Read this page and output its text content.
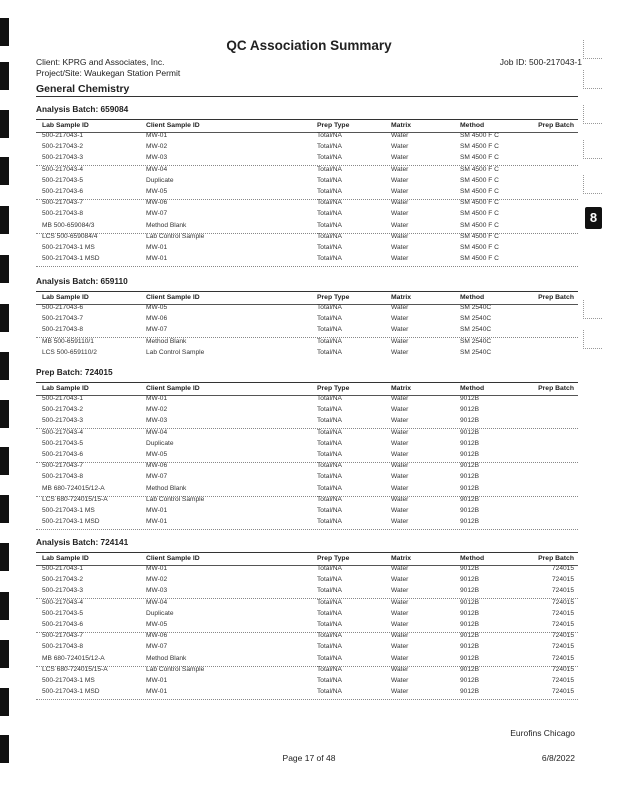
8
QC Association Summary
Client: KPRG and Associates, Inc.	Job ID: 500-217043-1
Project/Site: Waukegan Station Permit
General Chemistry
Analysis Batch: 659084
Lab Sample ID	Client Sample ID	Prep Type	Matrix	Method	Prep Batch
500-217043-1	MW-01	Total/NA	Water	SM 4500 F C
500-217043-2	MW-02	Total/NA	Water	SM 4500 F C
500-217043-3	MW-03	Total/NA	Water	SM 4500 F C
500-217043-4	MW-04	Total/NA	Water	SM 4500 F C
500-217043-5	Duplicate	Total/NA	Water	SM 4500 F C
500-217043-6	MW-05	Total/NA	Water	SM 4500 F C
500-217043-7	MW-06	Total/NA	Water	SM 4500 F C
500-217043-8	MW-07	Total/NA	Water	SM 4500 F C
MB 500-659084/3	Method Blank	Total/NA	Water	SM 4500 F C
LCS 500-659084/4	Lab Control Sample	Total/NA	Water	SM 4500 F C
500-217043-1 MS	MW-01	Total/NA	Water	SM 4500 F C
500-217043-1 MSD	MW-01	Total/NA	Water	SM 4500 F C
Analysis Batch: 659110
Lab Sample ID	Client Sample ID	Prep Type	Matrix	Method	Prep Batch
500-217043-6	MW-05	Total/NA	Water	SM 2540C
500-217043-7	MW-06	Total/NA	Water	SM 2540C
500-217043-8	MW-07	Total/NA	Water	SM 2540C
MB 500-659110/1	Method Blank	Total/NA	Water	SM 2540C
LCS 500-659110/2	Lab Control Sample	Total/NA	Water	SM 2540C
Prep Batch: 724015
Lab Sample ID	Client Sample ID	Prep Type	Matrix	Method	Prep Batch
500-217043-1	MW-01	Total/NA	Water	9012B
500-217043-2	MW-02	Total/NA	Water	9012B
500-217043-3	MW-03	Total/NA	Water	9012B
500-217043-4	MW-04	Total/NA	Water	9012B
500-217043-5	Duplicate	Total/NA	Water	9012B
500-217043-6	MW-05	Total/NA	Water	9012B
500-217043-7	MW-06	Total/NA	Water	9012B
500-217043-8	MW-07	Total/NA	Water	9012B
MB 680-724015/12-A	Method Blank	Total/NA	Water	9012B
LCS 680-724015/15-A	Lab Control Sample	Total/NA	Water	9012B
500-217043-1 MS	MW-01	Total/NA	Water	9012B
500-217043-1 MSD	MW-01	Total/NA	Water	9012B
Analysis Batch: 724141
Lab Sample ID	Client Sample ID	Prep Type	Matrix	Method	Prep Batch
500-217043-1	MW-01	Total/NA	Water	9012B	724015
500-217043-2	MW-02	Total/NA	Water	9012B	724015
500-217043-3	MW-03	Total/NA	Water	9012B	724015
500-217043-4	MW-04	Total/NA	Water	9012B	724015
500-217043-5	Duplicate	Total/NA	Water	9012B	724015
500-217043-6	MW-05	Total/NA	Water	9012B	724015
500-217043-7	MW-06	Total/NA	Water	9012B	724015
500-217043-8	MW-07	Total/NA	Water	9012B	724015
MB 680-724015/12-A	Method Blank	Total/NA	Water	9012B	724015
LCS 680-724015/15-A	Lab Control Sample	Total/NA	Water	9012B	724015
500-217043-1 MS	MW-01	Total/NA	Water	9012B	724015
500-217043-1 MSD	MW-01	Total/NA	Water	9012B	724015
Eurofins Chicago
Page 17 of 48	6/8/2022
